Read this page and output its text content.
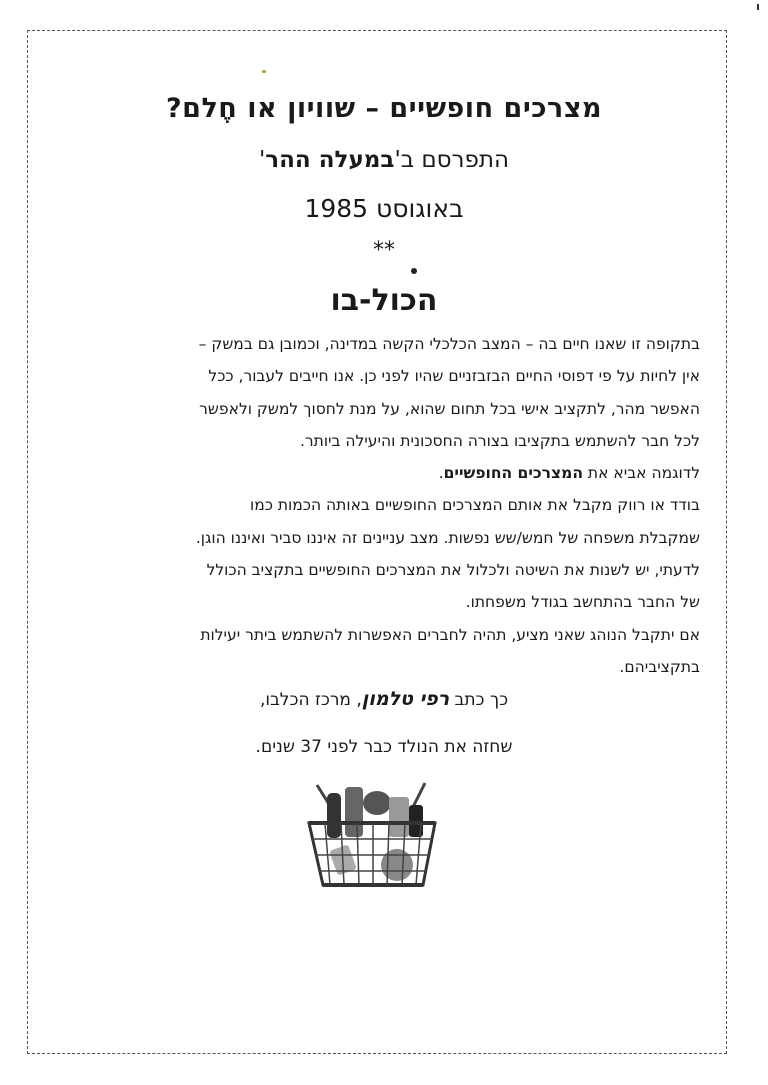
מצרכים חופשיים – שוויון או חֶלם?
התפרסם ב'במעלה ההר'
באוגוסט 1985
**
הכול-בו

בתקופה זו שאנו חיים בה – המצב הכלכלי הקשה במדינה, וכמובן גם במשק –

אין לחיות על פי דפוסי החיים הבזבזניים שהיו לפני כן. אנו חייבים לעבור, ככל

האפשר מהר, לתקציב אישי בכל תחום שהוא, על מנת לחסוך למשק ולאפשר

לכל חבר להשתמש בתקציבו בצורה החסכונית והיעילה ביותר.

לדוגמה אביא את המצרכים החופשיים.

בודד או רווק מקבל את אותם המצרכים החופשיים באותה הכמות כמו

שמקבלת משפחה של חמש/שש נפשות. מצב עניינים זה איננו סביר ואיננו הוגן.

לדעתי, יש לשנות את השיטה ולכלול את המצרכים החופשיים בתקציב הכולל

של החבר בהתחשב בגודל משפחתו.

אם יתקבל הנוהג שאני מציע, תהיה לחברים האפשרות להשתמש ביתר יעילות

בתקציביהם.

כך כתב רפי טלמון, מרכז הכלבו,
שחזה את הנולד כבר לפני 37 שנים.
